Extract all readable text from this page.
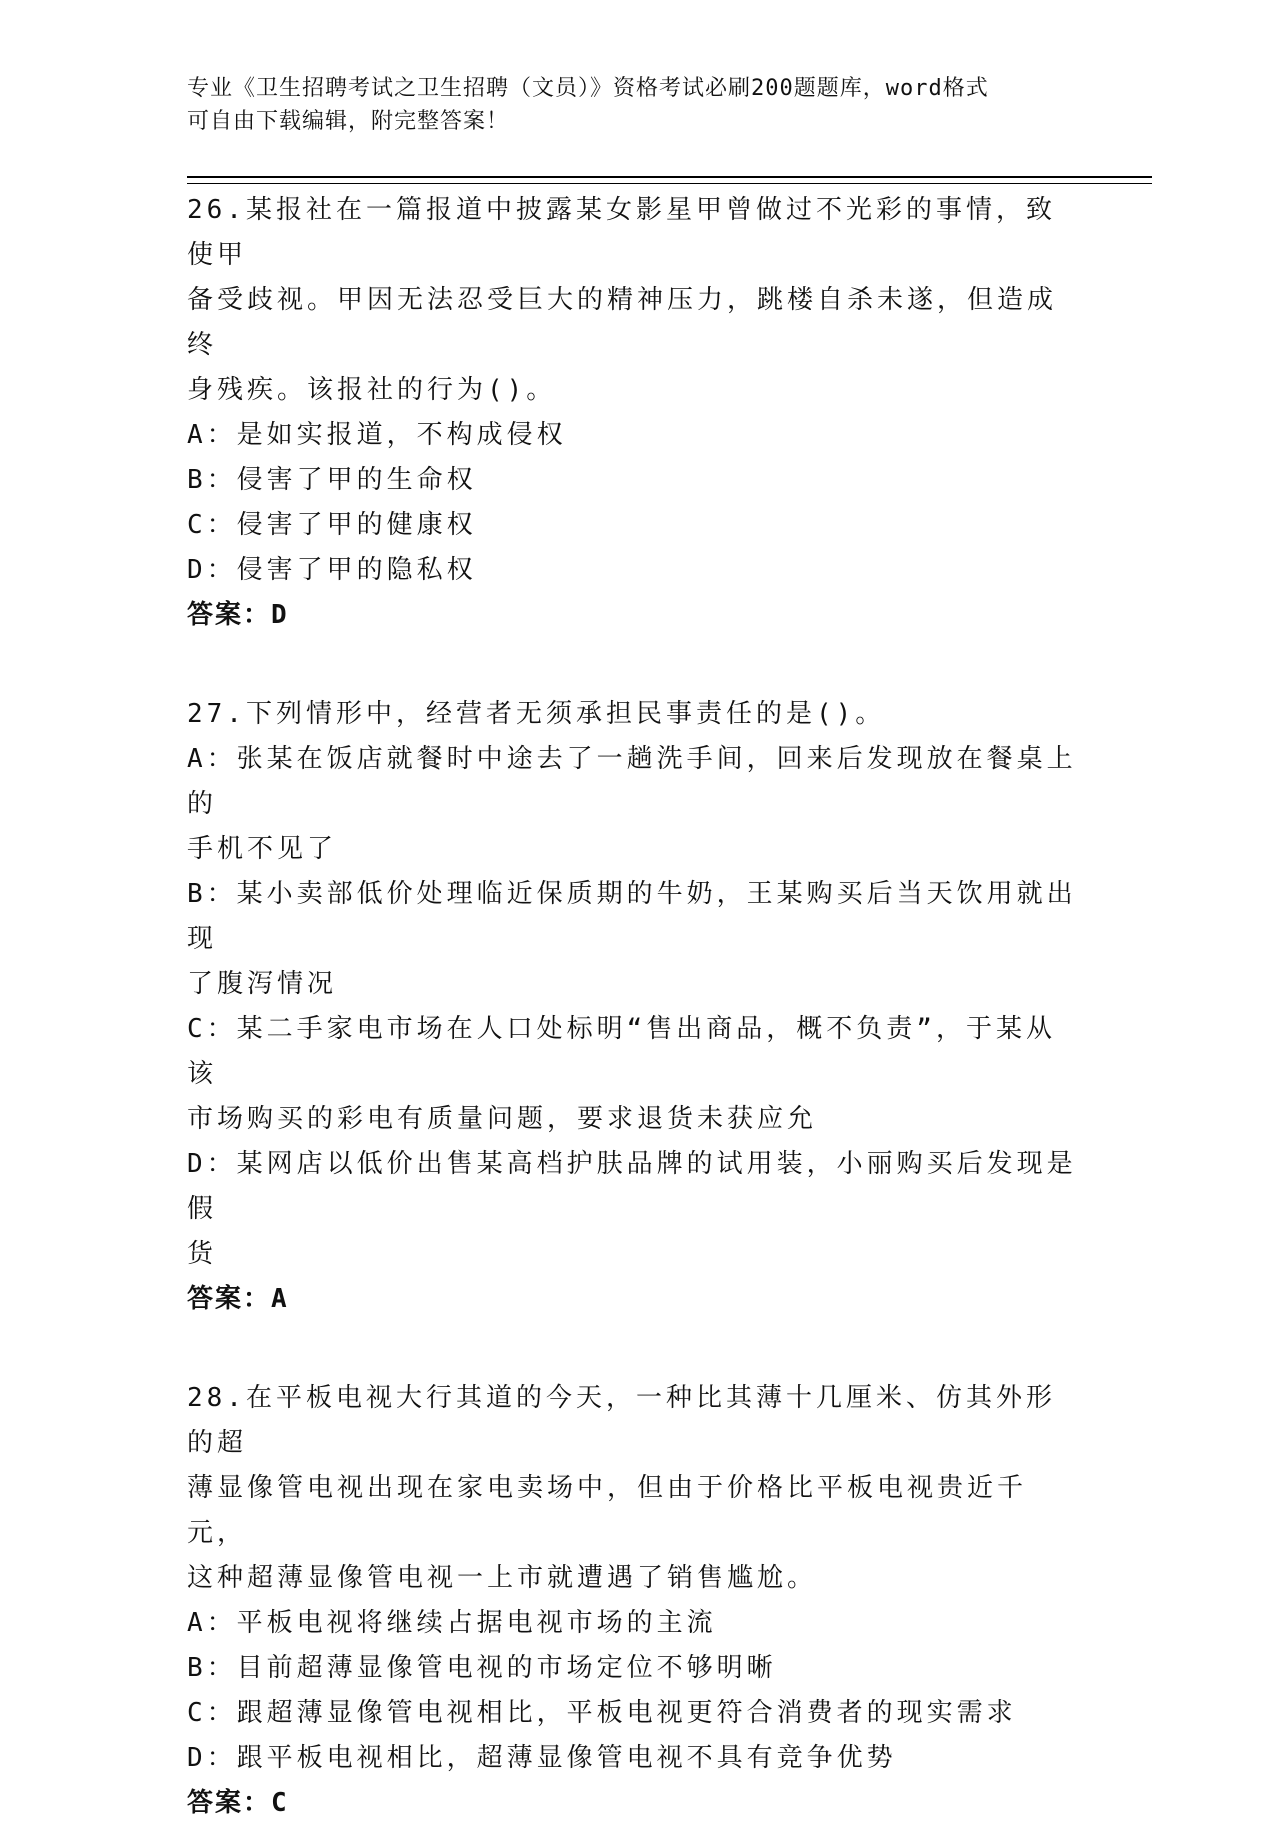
专业《卫生招聘考试之卫生招聘（文员）》资格考试必刷200题题库，word格式
可自由下载编辑，附完整答案！

26.某报社在一篇报道中披露某女影星甲曾做过不光彩的事情，致使甲

备受歧视。甲因无法忍受巨大的精神压力，跳楼自杀未遂，但造成终

身残疾。该报社的行为()。

A：是如实报道，不构成侵权

B：侵害了甲的生命权

C：侵害了甲的健康权

D：侵害了甲的隐私权

答案：D

27.下列情形中，经营者无须承担民事责任的是()。

A：张某在饭店就餐时中途去了一趟洗手间，回来后发现放在餐桌上的

手机不见了

B：某小卖部低价处理临近保质期的牛奶，王某购买后当天饮用就出现

了腹泻情况

C：某二手家电市场在人口处标明“售出商品，概不负责”，于某从该

市场购买的彩电有质量问题，要求退货未获应允

D：某网店以低价出售某高档护肤品牌的试用装，小丽购买后发现是假

货

答案：A

28.在平板电视大行其道的今天，一种比其薄十几厘米、仿其外形的超

薄显像管电视出现在家电卖场中，但由于价格比平板电视贵近千元，

这种超薄显像管电视一上市就遭遇了销售尴尬。

A：平板电视将继续占据电视市场的主流

B：目前超薄显像管电视的市场定位不够明晰

C：跟超薄显像管电视相比，平板电视更符合消费者的现实需求

D：跟平板电视相比，超薄显像管电视不具有竞争优势

答案：C
